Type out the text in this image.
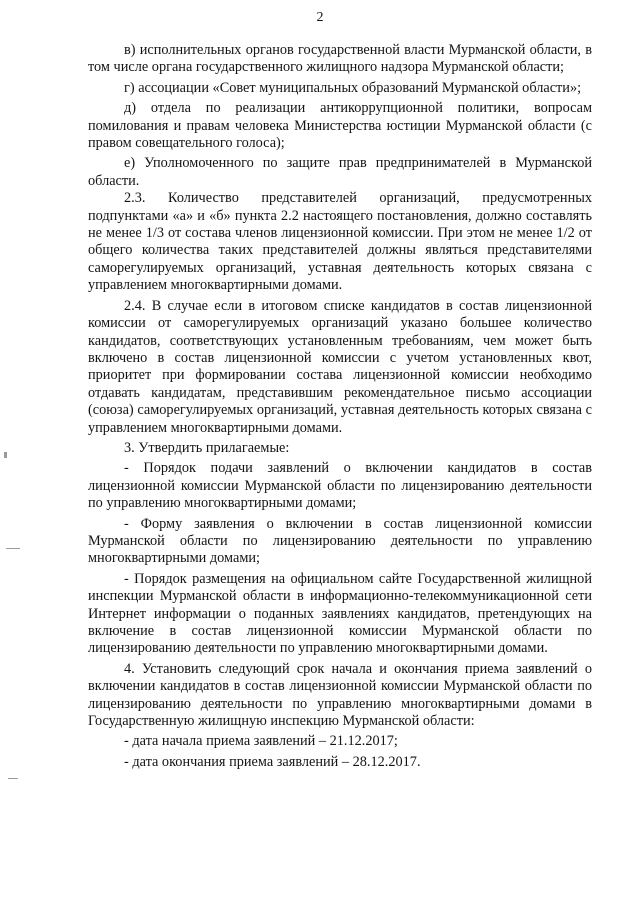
2

в) исполнительных органов государственной власти Мурманской области, в том числе органа государственного жилищного надзора Мурманской области;

г) ассоциации «Совет муниципальных образований Мурманской области»;

д) отдела по реализации антикоррупционной политики, вопросам помилования и правам человека Министерства юстиции Мурманской области (с правом совещательного голоса);

е) Уполномоченного по защите прав предпринимателей в Мурманской области.

2.3. Количество представителей организаций, предусмотренных подпунктами «а» и «б» пункта 2.2 настоящего постановления, должно составлять не менее 1/3 от состава членов лицензионной комиссии. При этом не менее 1/2 от общего количества таких представителей должны являться представителями саморегулируемых организаций, уставная деятельность которых связана с управлением многоквартирными домами.

2.4. В случае если в итоговом списке кандидатов в состав лицензионной комиссии от саморегулируемых организаций указано большее количество кандидатов, соответствующих установленным требованиям, чем может быть включено в состав лицензионной комиссии с учетом установленных квот, приоритет при формировании состава лицензионной комиссии необходимо отдавать кандидатам, представившим рекомендательное письмо ассоциации (союза) саморегулируемых организаций, уставная деятельность которых связана с управлением многоквартирными домами.

3. Утвердить прилагаемые:

- Порядок подачи заявлений о включении кандидатов в состав лицензионной комиссии Мурманской области по лицензированию деятельности по управлению многоквартирными домами;

- Форму заявления о включении в состав лицензионной комиссии Мурманской области по лицензированию деятельности по управлению многоквартирными домами;

- Порядок размещения на официальном сайте Государственной жилищной инспекции Мурманской области в информационно-телекоммуникационной сети Интернет информации о поданных заявлениях кандидатов, претендующих на включение в состав лицензионной комиссии Мурманской области по лицензированию деятельности по управлению многоквартирными домами.

4. Установить следующий срок начала и окончания приема заявлений о включении кандидатов в состав лицензионной комиссии Мурманской области по лицензированию деятельности по управлению многоквартирными домами в Государственную жилищную инспекцию Мурманской области:

- дата начала приема заявлений – 21.12.2017;

- дата окончания приема заявлений – 28.12.2017.
